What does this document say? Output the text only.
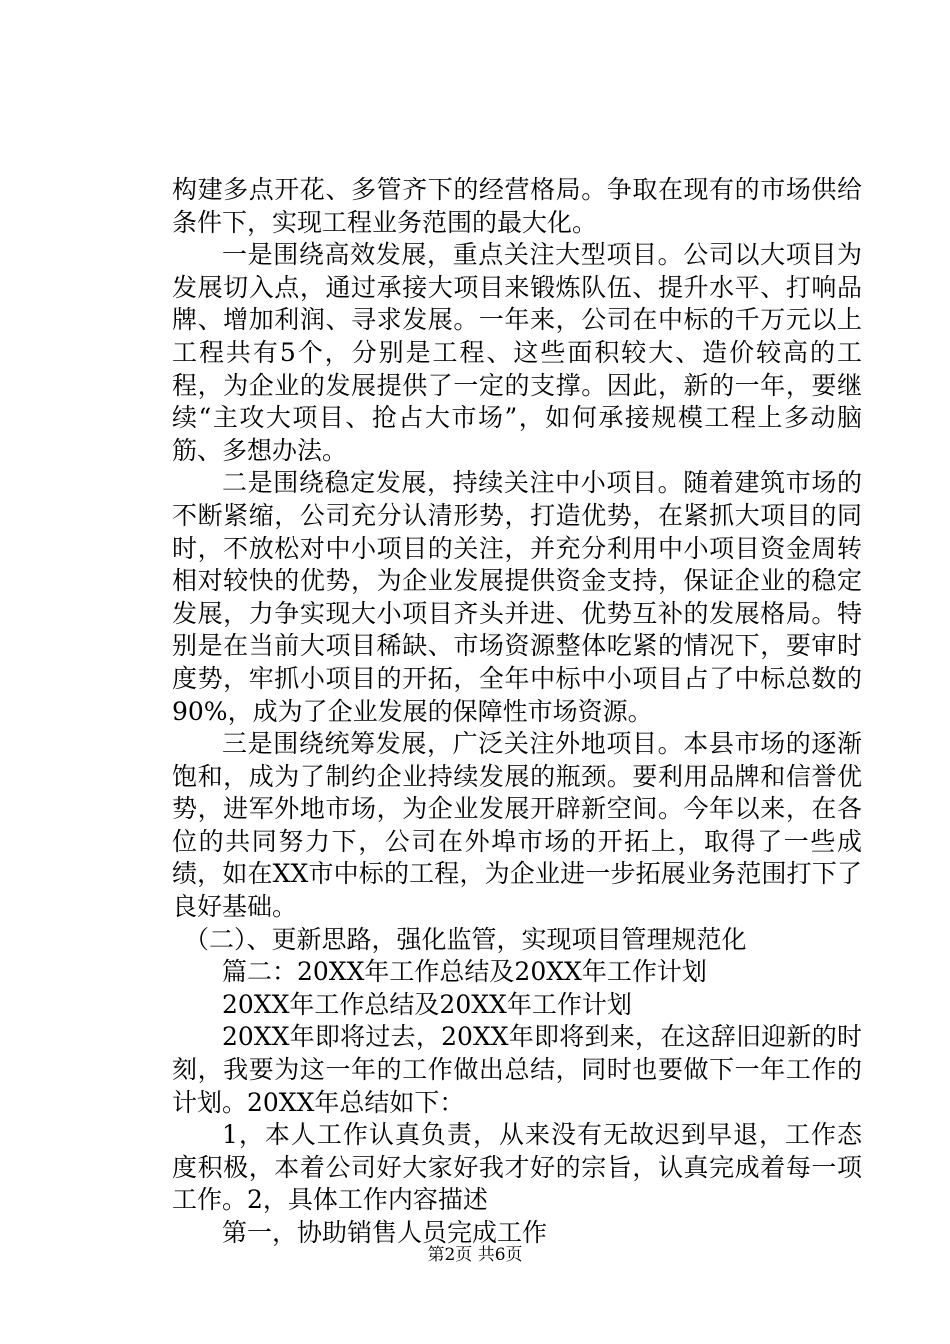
构建多点开花、多管齐下的经营格局。争取在现有的市场供给条件下，实现工程业务范围的最大化。

一是围绕高效发展，重点关注大型项目。公司以大项目为发展切入点，通过承接大项目来锻炼队伍、提升水平、打响品牌、增加利润、寻求发展。一年来，公司在中标的千万元以上工程共有5个，分别是工程、这些面积较大、造价较高的工程，为企业的发展提供了一定的支撑。因此，新的一年，要继续“主攻大项目、抢占大市场”，如何承接规模工程上多动脑筋、多想办法。

二是围绕稳定发展，持续关注中小项目。随着建筑市场的不断紧缩，公司充分认清形势，打造优势，在紧抓大项目的同时，不放松对中小项目的关注，并充分利用中小项目资金周转相对较快的优势，为企业发展提供资金支持，保证企业的稳定发展，力争实现大小项目齐头并进、优势互补的发展格局。特别是在当前大项目稀缺、市场资源整体吃紧的情况下，要审时度势，牢抓小项目的开拓，全年中标中小项目占了中标总数的90%，成为了企业发展的保障性市场资源。

三是围绕统筹发展，广泛关注外地项目。本县市场的逐渐饱和，成为了制约企业持续发展的瓶颈。要利用品牌和信誉优势，进军外地市场，为企业发展开辟新空间。今年以来，在各位的共同努力下，公司在外埠市场的开拓上，取得了一些成绩，如在XX市中标的工程，为企业进一步拓展业务范围打下了良好基础。

（二）、更新思路，强化监管，实现项目管理规范化

篇二：20XX年工作总结及20XX年工作计划

20XX年工作总结及20XX年工作计划

20XX年即将过去，20XX年即将到来，在这辞旧迎新的时刻，我要为这一年的工作做出总结，同时也要做下一年工作的计划。20XX年总结如下：

1，本人工作认真负责，从来没有无故迟到早退，工作态度积极，本着公司好大家好我才好的宗旨，认真完成着每一项工作。2，具体工作内容描述

第一，协助销售人员完成工作

第2页 共6页
